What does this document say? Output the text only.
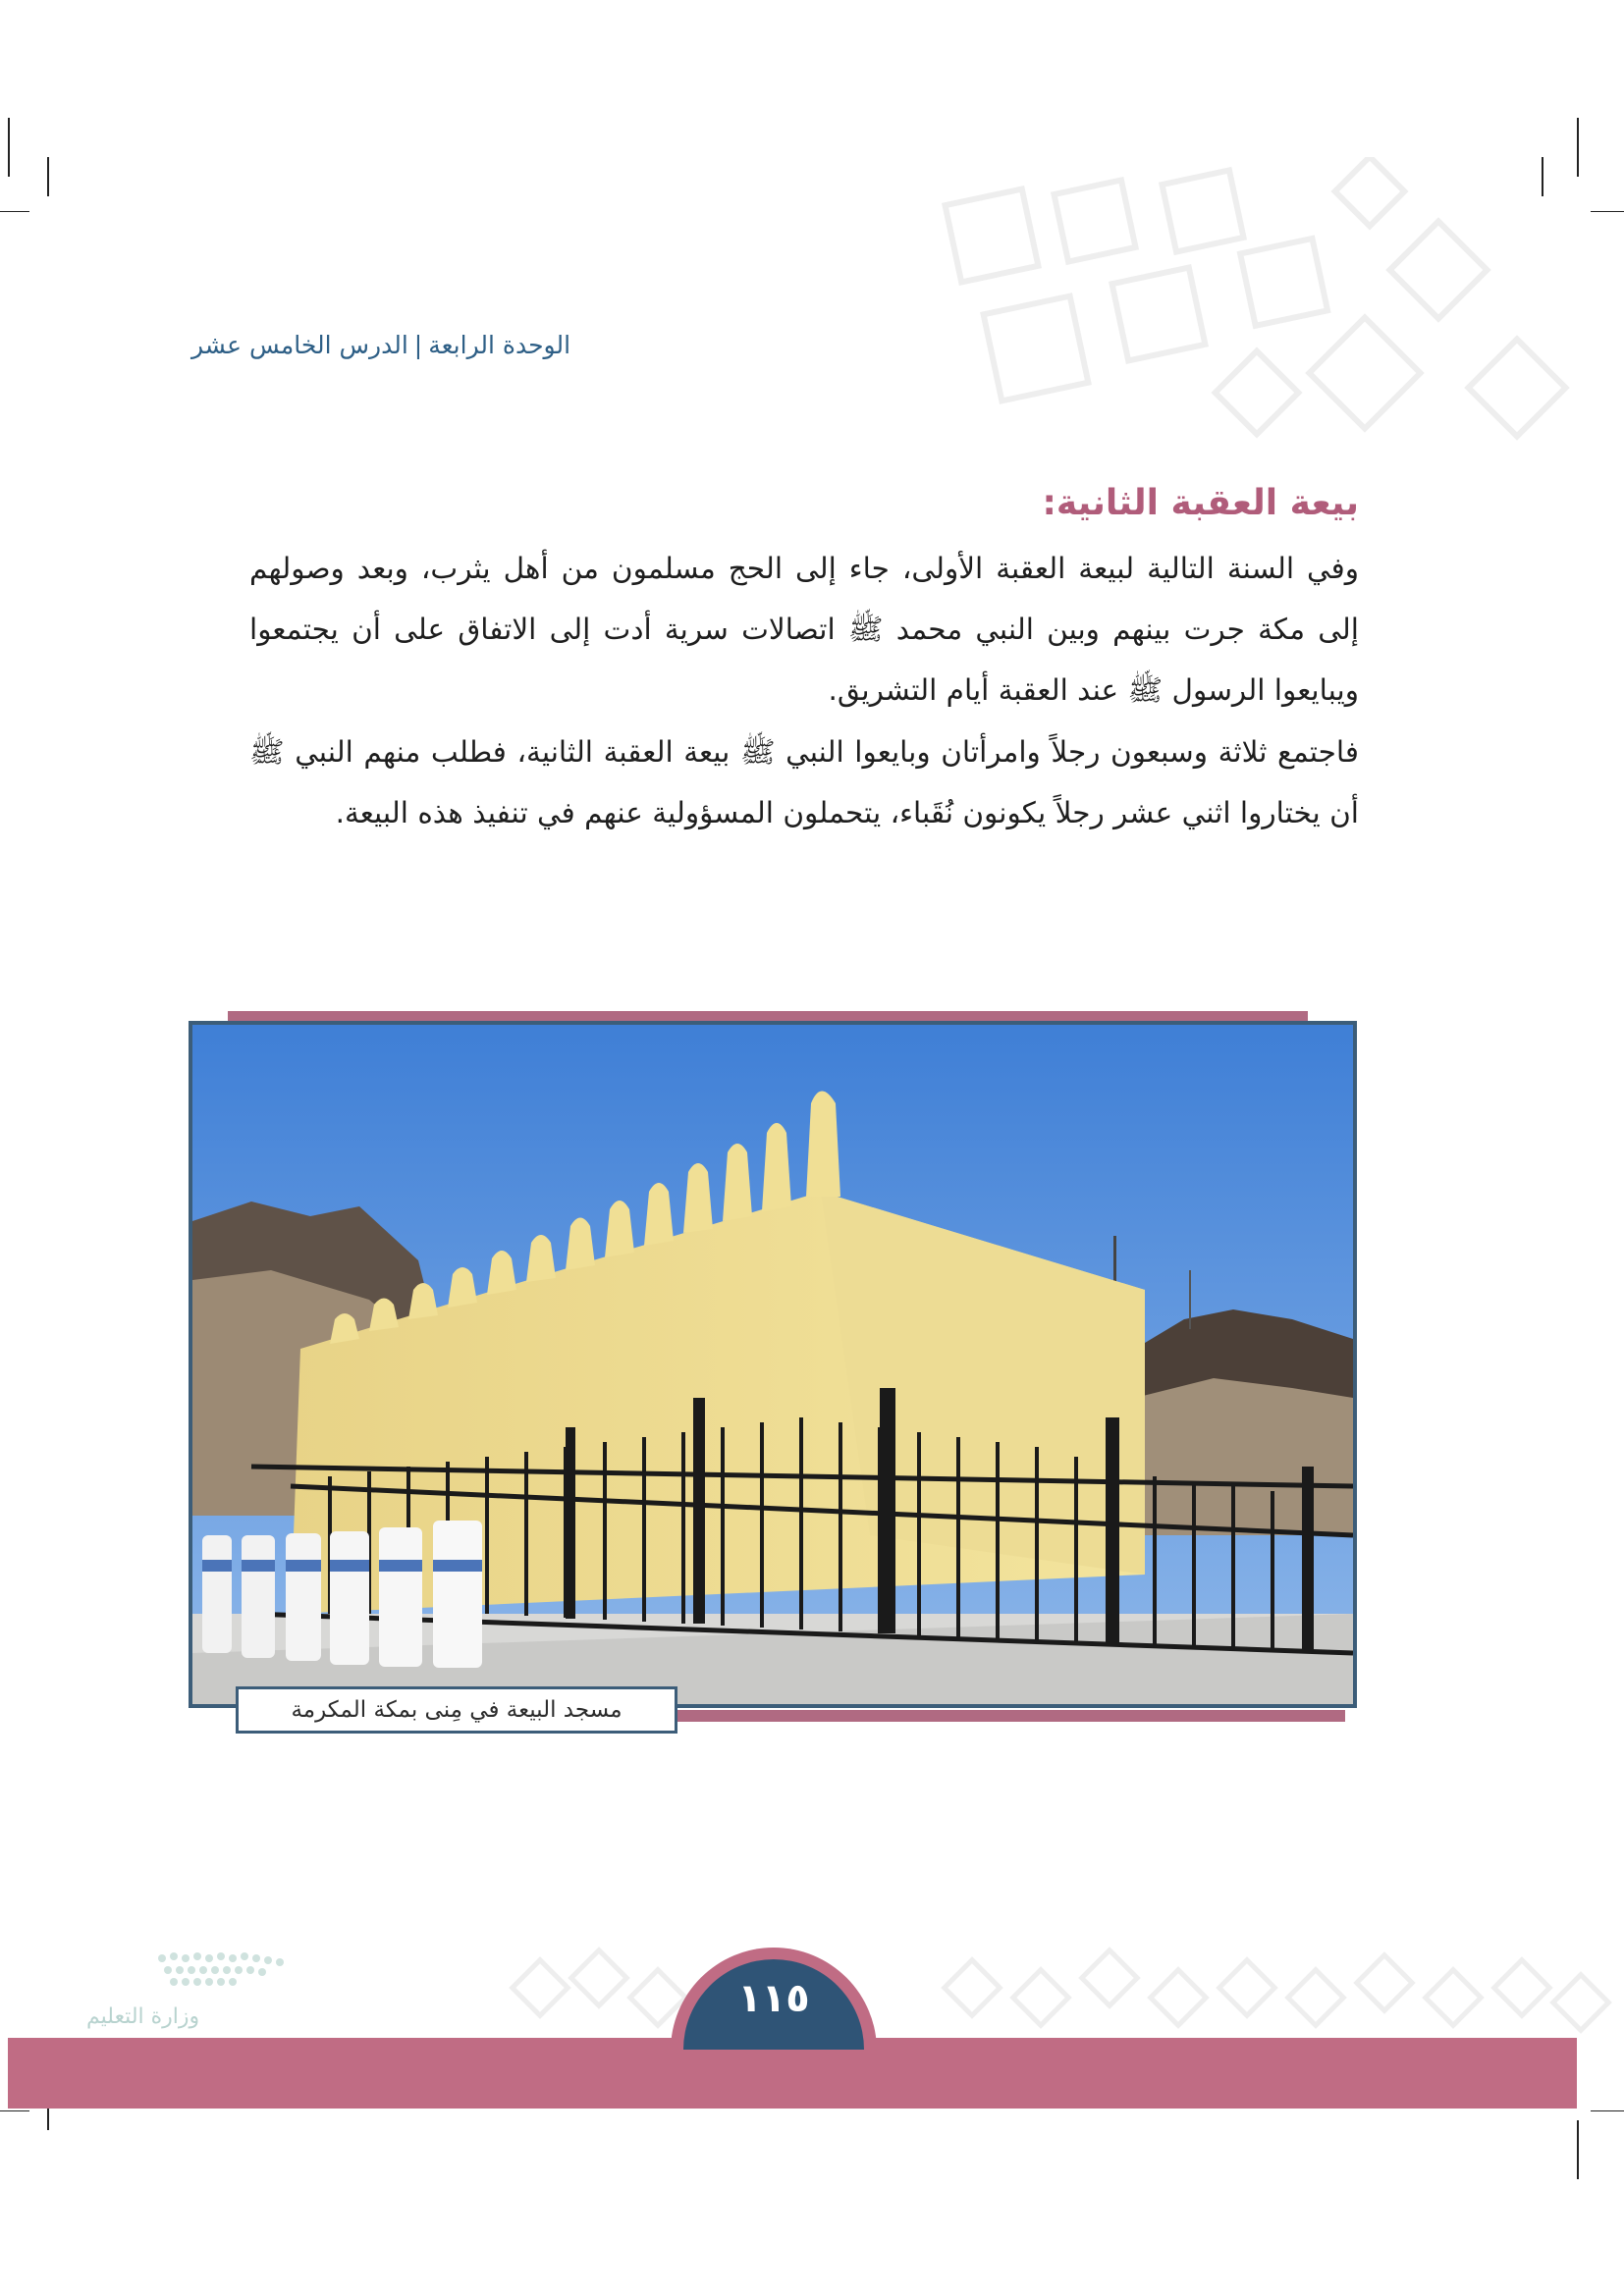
الوحدة الرابعة|الدرس الخامس عشر
بيعة العقبة الثانية:

وفي السنة التالية لبيعة العقبة الأولى، جاء إلى الحج مسلمون من أهل يثرب، وبعد وصولهم إلى مكة جرت بينهم وبين النبي محمد ﷺ اتصالات سرية أدت إلى الاتفاق على أن يجتمعوا ويبايعوا الرسول ﷺ عند العقبة أيام التشريق.

فاجتمع ثلاثة وسبعون رجلاً وامرأتان وبايعوا النبي ﷺ بيعة العقبة الثانية، فطلب منهم النبي ﷺ أن يختاروا اثني عشر رجلاً يكونون نُقَباء، يتحملون المسؤولية عنهم في تنفيذ هذه البيعة.

مسجد البيعة في مِنى بمكة المكرمة
وزارة التعليم	١١٥
